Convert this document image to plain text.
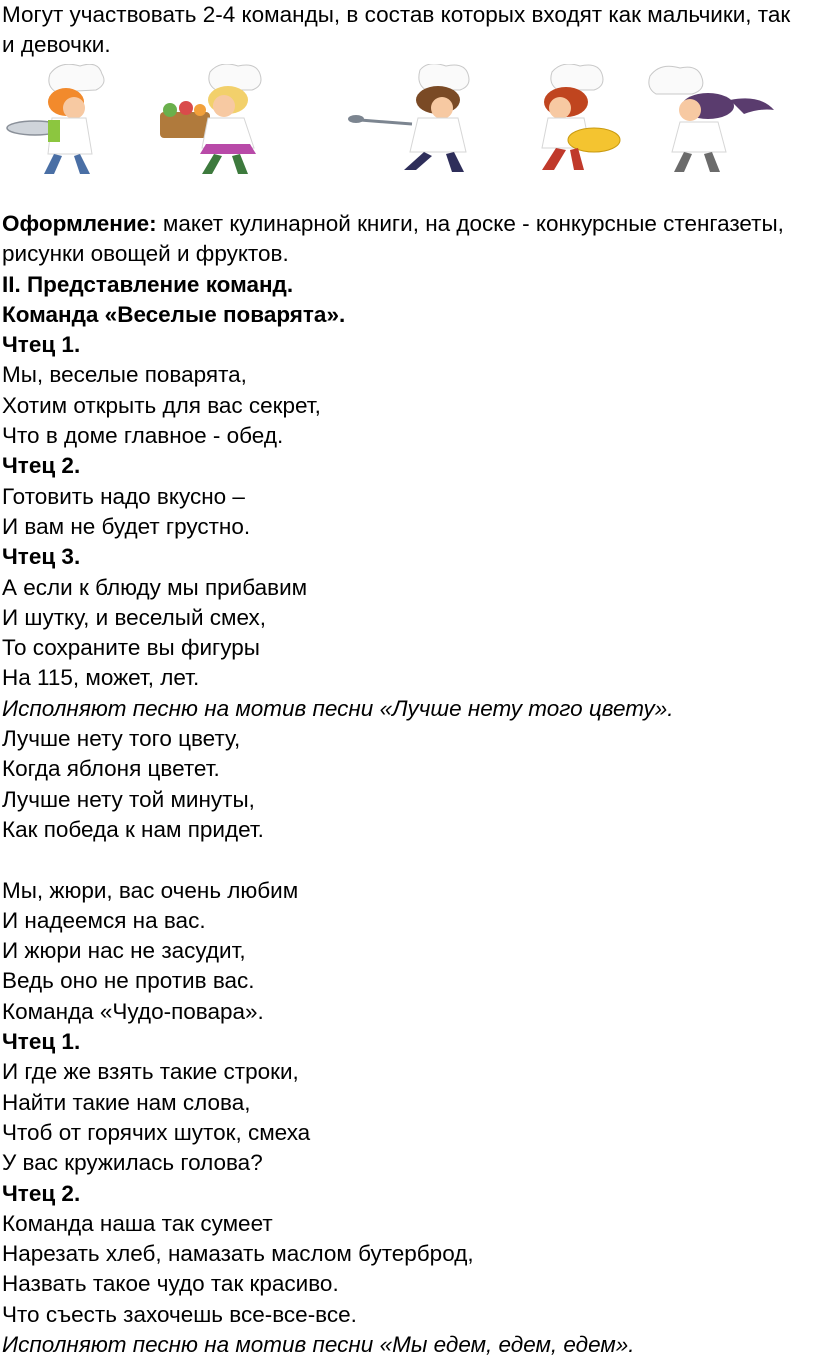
Могут участвовать 2-4 команды, в состав которых входят как мальчики, так и девочки.
Оформление: макет кулинарной книги, на доске - конкурсные стенгазеты, рисунки овощей и фруктов.
II. Представление команд.
Команда «Веселые поварята».
Чтец 1.
Мы, веселые поварята,
Хотим открыть для вас секрет,
Что в доме главное - обед.
Чтец 2.
Готовить надо вкусно –
И вам не будет грустно.
Чтец 3.
А если к блюду мы прибавим
И шутку, и веселый смех,
То сохраните вы фигуры
На 115, может, лет.
Исполняют песню на мотив песни «Лучше нету того цвету».
Лучше нету того цвету,
Когда яблоня цветет.
Лучше нету той минуты,
Как победа к нам придет.
Мы, жюри, вас очень любим
И надеемся на вас.
И жюри нас не засудит,
Ведь оно не против вас.
Команда «Чудо-повара».
Чтец 1.
И где же взять такие строки,
Найти такие нам слова,
Чтоб от горячих шуток, смеха
У вас кружилась голова?
Чтец 2.
Команда наша так сумеет
Нарезать хлеб, намазать маслом бутерброд,
Назвать такое чудо так красиво.
Что съесть захочешь все-все-все.
Исполняют песню на мотив песни «Мы едем, едем, едем».
